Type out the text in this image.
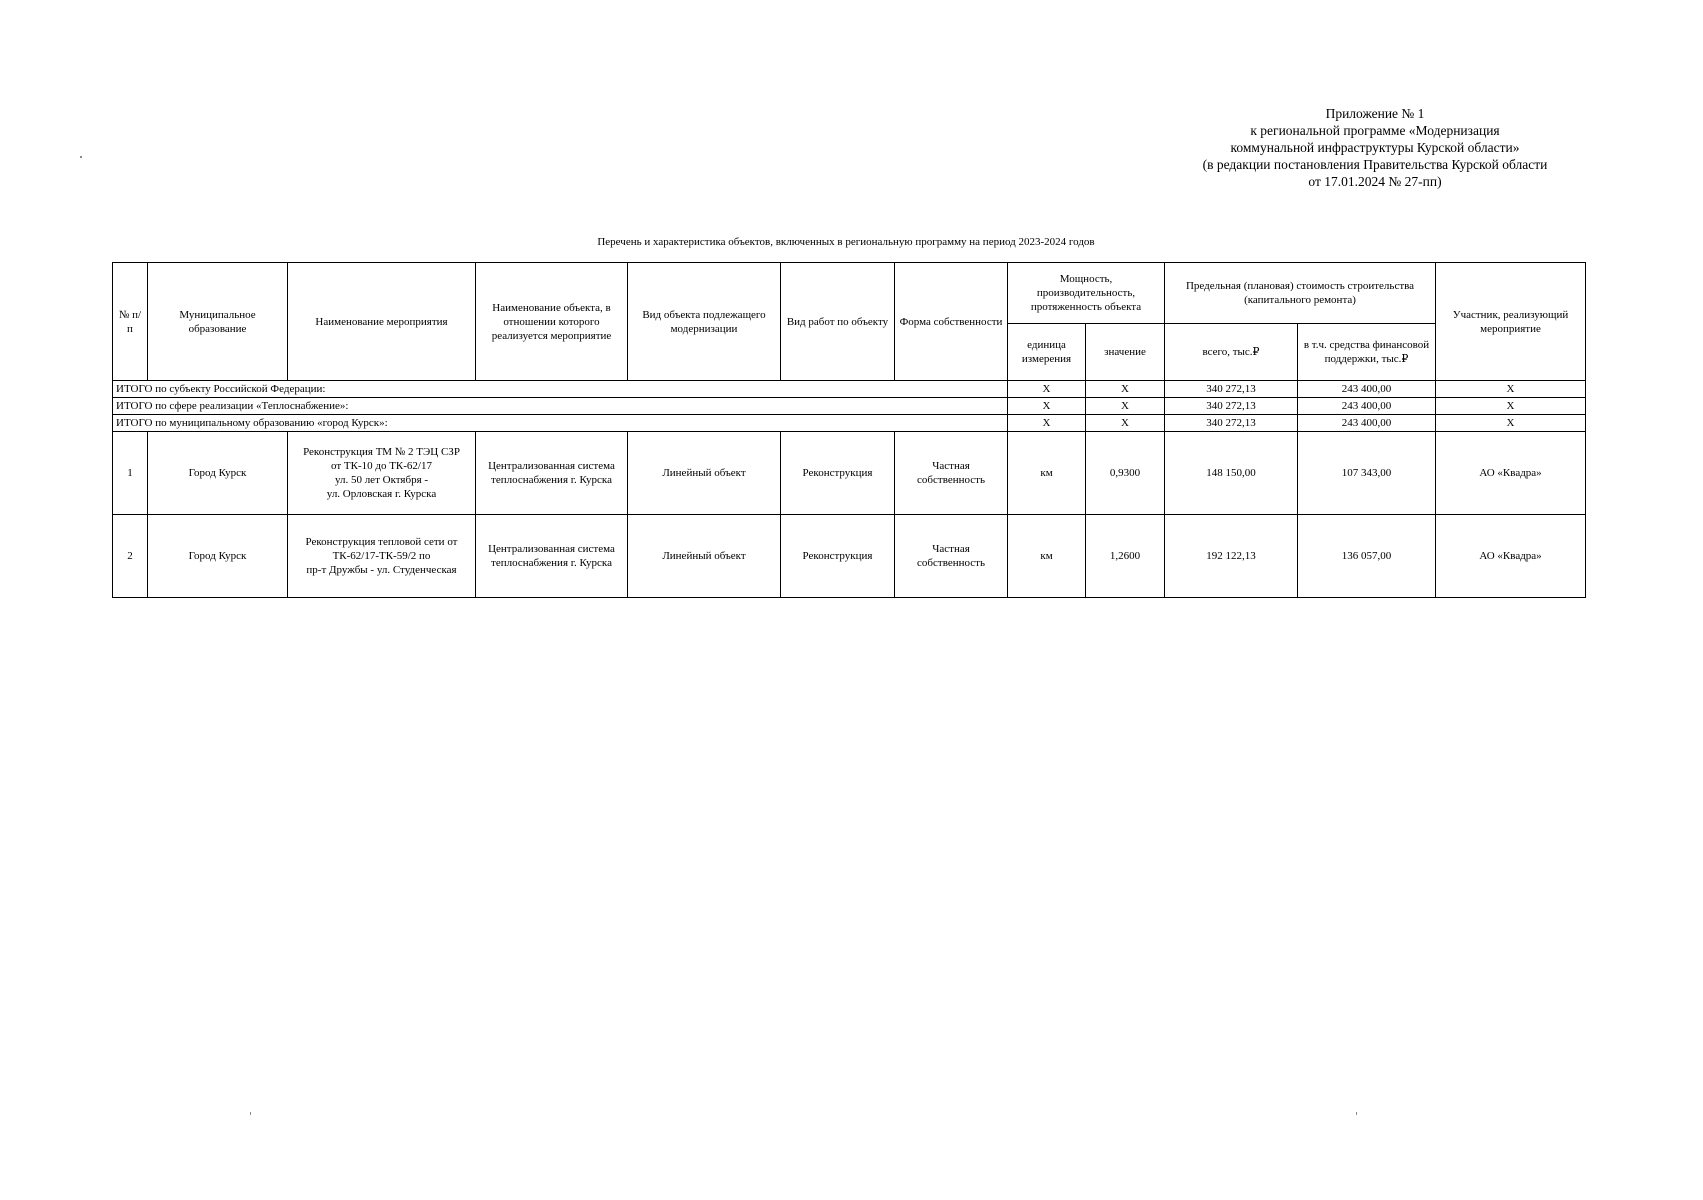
Приложение № 1
к региональной программе «Модернизация
коммунальной инфраструктуры Курской области»
(в редакции постановления Правительства Курской области
от 17.01.2024 № 27-пп)
Перечень и характеристика объектов, включенных в региональную программу на период 2023-2024 годов
№ п/п	Муниципальное образование	Наименование мероприятия	Наименование объекта, в отношении которого реализуется мероприятие	Вид объекта подлежащего модернизации	Вид работ по объекту	Форма собственности	Мощность, производительность, протяженность объекта		Предельная (плановая) стоимость строительства (капитального ремонта)		Участник, реализующий мероприятие
							единица измерения	значение	всего, тыс.₽	в т.ч. средства финансовой поддержки, тыс.₽	
ИТОГО по субъекту Российской Федерации:							X	X	340 272,13	243 400,00	X
ИТОГО по сфере реализации «Теплоснабжение»:							X	X	340 272,13	243 400,00	X
ИТОГО по муниципальному образованию «город Курск»:							X	X	340 272,13	243 400,00	X
1	Город Курск	Реконструкция ТМ № 2 ТЭЦ СЗР
от ТК-10 до ТК-62/17
ул. 50 лет Октября -
ул. Орловская г. Курска	Централизованная система теплоснабжения г. Курска	Линейный объект	Реконструкция	Частная собственность	км	0,9300	148 150,00	107 343,00	АО «Квадра»
2	Город Курск	Реконструкция тепловой сети от
ТК-62/17-ТК-59/2 по
пр-т Дружбы - ул. Студенческая	Централизованная система теплоснабжения г. Курска	Линейный объект	Реконструкция	Частная собственность	км	1,2600	192 122,13	136 057,00	АО «Квадра»
